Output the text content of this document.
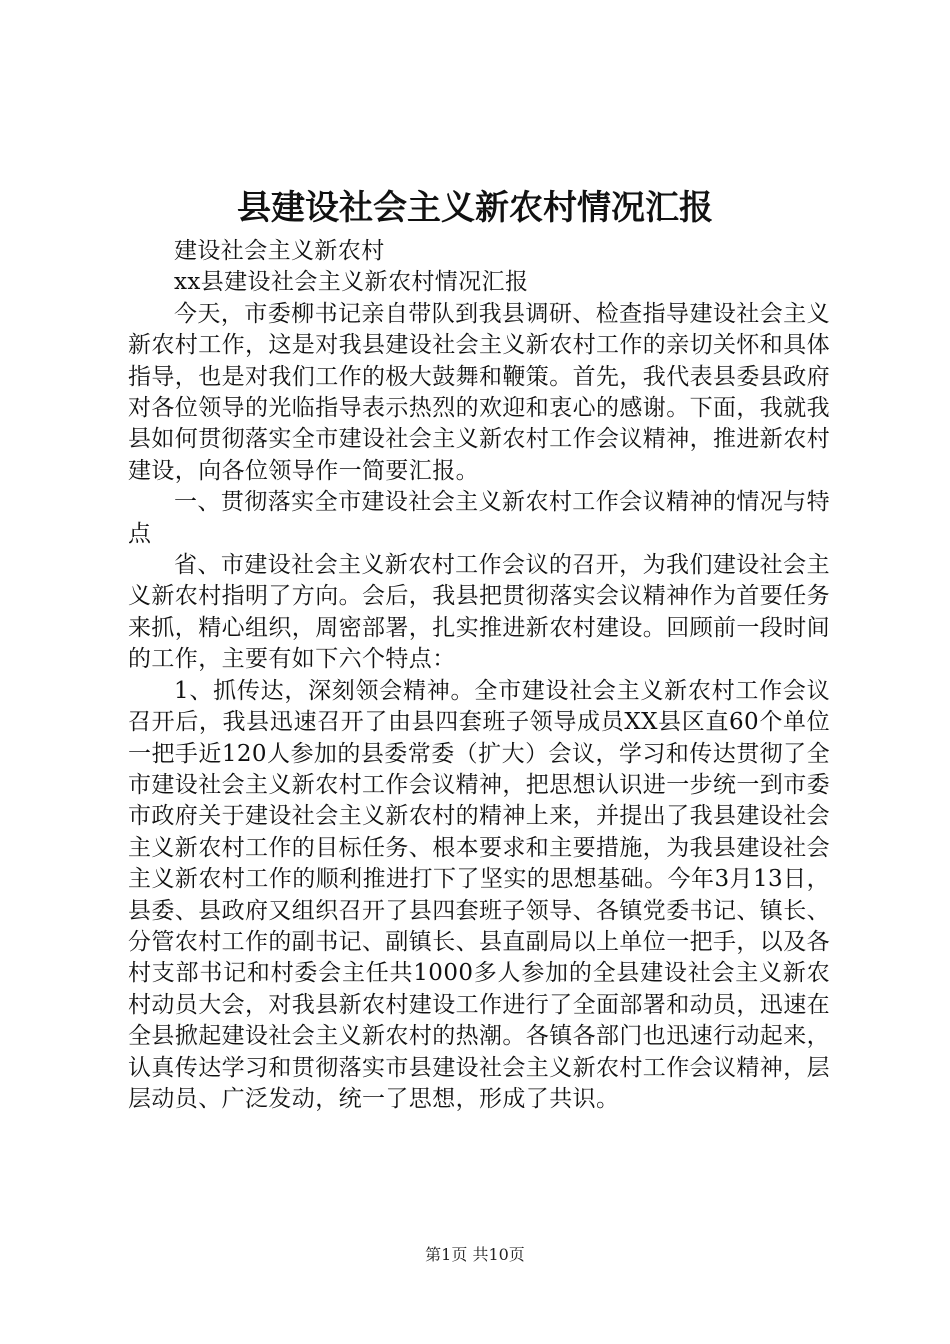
县建设社会主义新农村情况汇报

建设社会主义新农村

xx县建设社会主义新农村情况汇报

今天，市委柳书记亲自带队到我县调研、检查指导建设社会主义新农村工作，这是对我县建设社会主义新农村工作的亲切关怀和具体指导，也是对我们工作的极大鼓舞和鞭策。首先，我代表县委县政府对各位领导的光临指导表示热烈的欢迎和衷心的感谢。下面，我就我县如何贯彻落实全市建设社会主义新农村工作会议精神，推进新农村建设，向各位领导作一简要汇报。

一、贯彻落实全市建设社会主义新农村工作会议精神的情况与特点

省、市建设社会主义新农村工作会议的召开，为我们建设社会主义新农村指明了方向。会后，我县把贯彻落实会议精神作为首要任务来抓，精心组织，周密部署，扎实推进新农村建设。回顾前一段时间的工作，主要有如下六个特点：

1、抓传达，深刻领会精神。全市建设社会主义新农村工作会议召开后，我县迅速召开了由县四套班子领导成员XX县区直60个单位一把手近120人参加的县委常委（扩大）会议，学习和传达贯彻了全市建设社会主义新农村工作会议精神，把思想认识进一步统一到市委市政府关于建设社会主义新农村的精神上来，并提出了我县建设社会主义新农村工作的目标任务、根本要求和主要措施，为我县建设社会主义新农村工作的顺利推进打下了坚实的思想基础。今年3月13日，县委、县政府又组织召开了县四套班子领导、各镇党委书记、镇长、分管农村工作的副书记、副镇长、县直副局以上单位一把手，以及各村支部书记和村委会主任共1000多人参加的全县建设社会主义新农村动员大会，对我县新农村建设工作进行了全面部署和动员，迅速在全县掀起建设社会主义新农村的热潮。各镇各部门也迅速行动起来，认真传达学习和贯彻落实市县建设社会主义新农村工作会议精神，层层动员、广泛发动，统一了思想，形成了共识。

第1页 共10页
